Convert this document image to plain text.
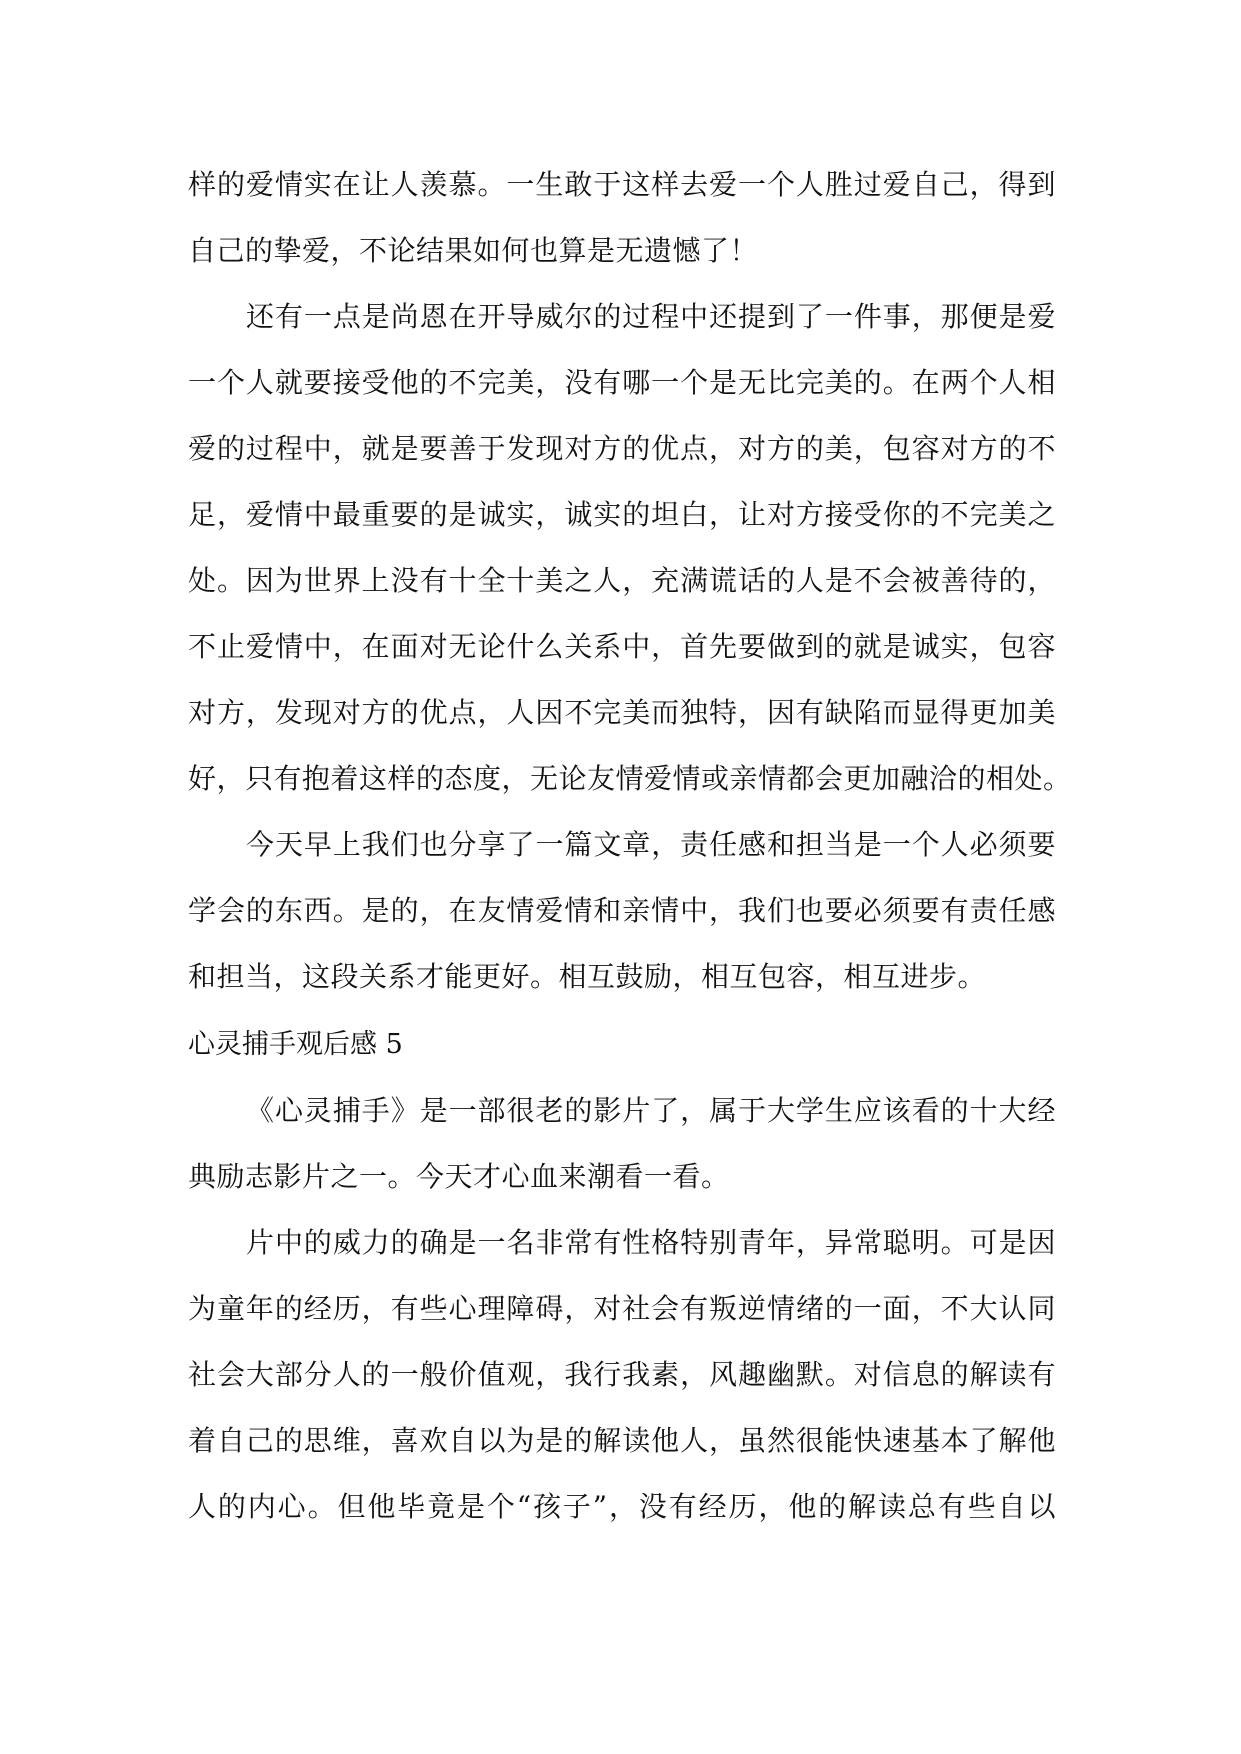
样的爱情实在让人羡慕。一生敢于这样去爱一个人胜过爱自己，得到
自己的挚爱，不论结果如何也算是无遗憾了！
还有一点是尚恩在开导威尔的过程中还提到了一件事，那便是爱
一个人就要接受他的不完美，没有哪一个是无比完美的。在两个人相
爱的过程中，就是要善于发现对方的优点，对方的美，包容对方的不
足，爱情中最重要的是诚实，诚实的坦白，让对方接受你的不完美之
处。因为世界上没有十全十美之人，充满谎话的人是不会被善待的，
不止爱情中，在面对无论什么关系中，首先要做到的就是诚实，包容
对方，发现对方的优点，人因不完美而独特，因有缺陷而显得更加美
好，只有抱着这样的态度，无论友情爱情或亲情都会更加融洽的相处。
今天早上我们也分享了一篇文章，责任感和担当是一个人必须要
学会的东西。是的，在友情爱情和亲情中，我们也要必须要有责任感
和担当，这段关系才能更好。相互鼓励，相互包容，相互进步。
心灵捕手观后感 5
《心灵捕手》是一部很老的影片了，属于大学生应该看的十大经
典励志影片之一。今天才心血来潮看一看。
片中的威力的确是一名非常有性格特别青年，异常聪明。可是因
为童年的经历，有些心理障碍，对社会有叛逆情绪的一面，不大认同
社会大部分人的一般价值观，我行我素，风趣幽默。对信息的解读有
着自己的思维，喜欢自以为是的解读他人，虽然很能快速基本了解他
人的内心。但他毕竟是个“孩子”，没有经历，他的解读总有些自以
